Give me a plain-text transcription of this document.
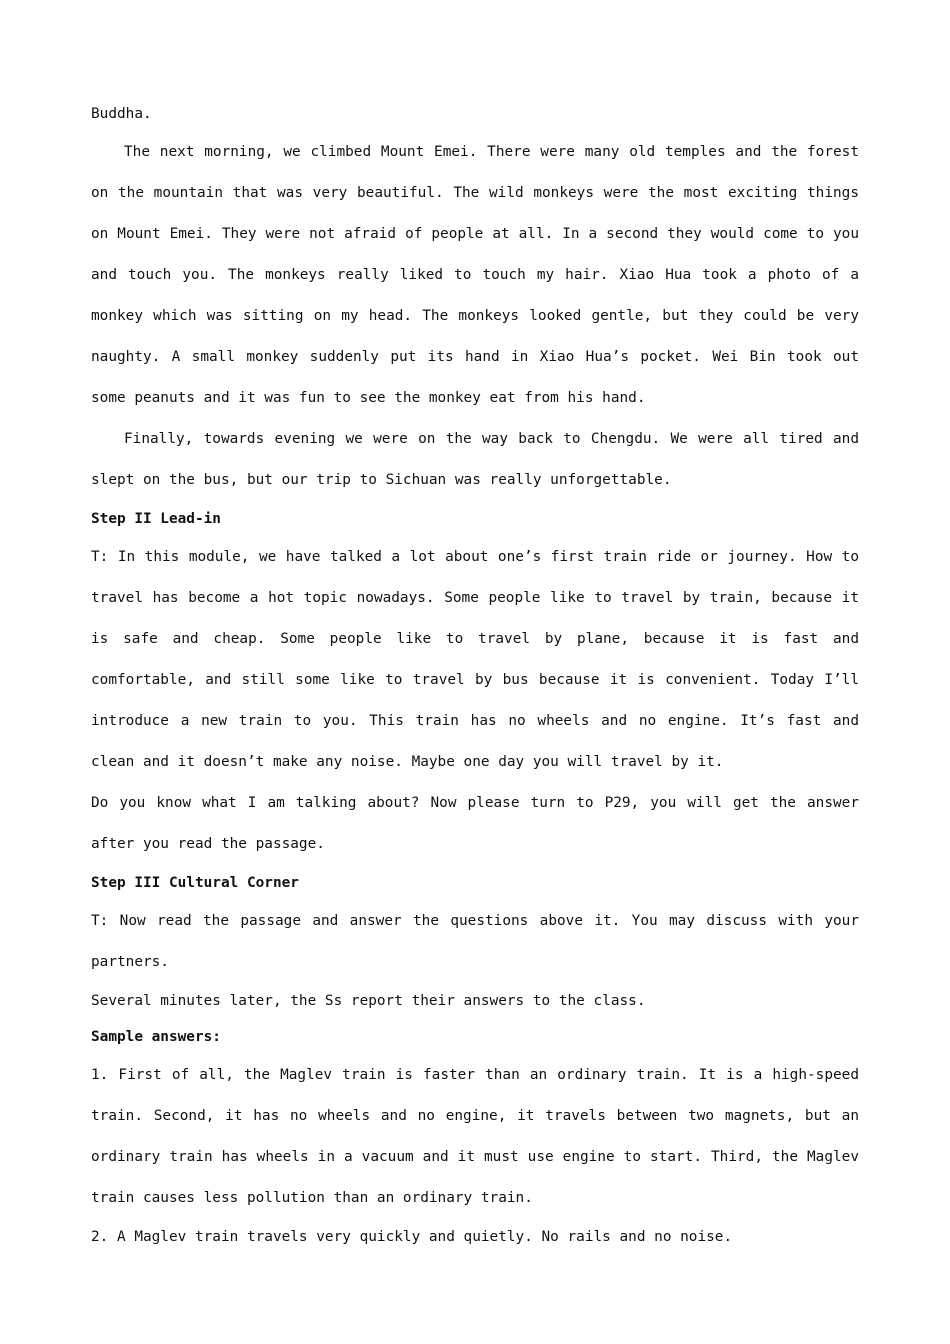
Buddha.

The next morning, we climbed Mount Emei. There were many old temples and the forest on the mountain that was very beautiful. The wild monkeys were the most exciting things on Mount Emei. They were not afraid of people at all. In a second they would come to you and touch you. The monkeys really liked to touch my hair. Xiao Hua took a photo of a monkey which was sitting on my head. The monkeys looked gentle, but they could be very naughty. A small monkey suddenly put its hand in Xiao Hua’s pocket. Wei Bin took out some peanuts and it was fun to see the monkey eat from his hand.

Finally, towards evening we were on the way back to Chengdu. We were all tired and slept on the bus, but our trip to Sichuan was really unforgettable.

Step II Lead-in

T: In this module, we have talked a lot about one’s first train ride or journey. How to travel has become a hot topic nowadays. Some people like to travel by train, because it is safe and cheap. Some people like to travel by plane, because it is fast and comfortable, and still some like to travel by bus because it is convenient. Today I’ll introduce a new train to you. This train has no wheels and no engine. It’s fast and clean and it doesn’t make any noise. Maybe one day you will travel by it.

Do you know what I am talking about? Now please turn to P29, you will get the answer after you read the passage.

Step III Cultural Corner

T: Now read the passage and answer the questions above it. You may discuss with your partners.

Several minutes later, the Ss report their answers to the class.

Sample answers:

1. First of all, the Maglev train is faster than an ordinary train. It is a high-speed train. Second, it has no wheels and no engine, it travels between two magnets, but an ordinary train has wheels in a vacuum and it must use engine to start. Third, the Maglev train causes less pollution than an ordinary train.

2. A Maglev train travels very quickly and quietly. No rails and no noise.
